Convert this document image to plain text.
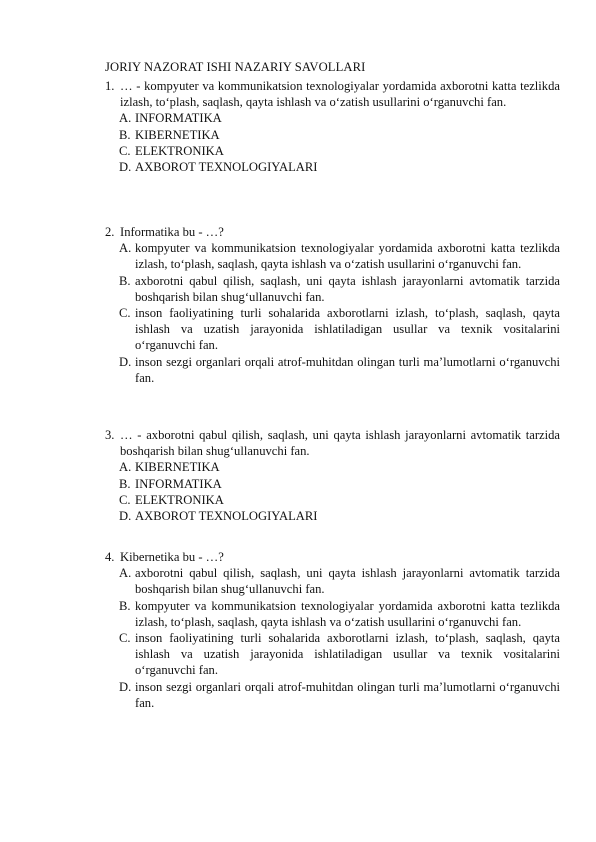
JORIY NAZORAT ISHI NAZARIY SAVOLLARI
1. … - kompyuter va kommunikatsion texnologiyalar yordamida axborotni katta tezlikda izlash, to‘plash, saqlash, qayta ishlash va o‘zatish usullarini o‘rganuvchi fan.
A. INFORMATIKA
B. KIBERNETIKA
C. ELEKTRONIKA
D. AXBOROT TEXNOLOGIYALARI
2. Informatika bu - …?
A. kompyuter va kommunikatsion texnologiyalar yordamida axborotni katta tezlikda izlash, to‘plash, saqlash, qayta ishlash va o‘zatish usullarini o‘rganuvchi fan.
B. axborotni qabul qilish, saqlash, uni qayta ishlash jarayonlarni avtomatik tarzida boshqarish bilan shug‘ullanuvchi fan.
C. inson faoliyatining turli sohalarida axborotlarni izlash, to‘plash, saqlash, qayta ishlash va uzatish jarayonida ishlatiladigan usullar va texnik vositalarini o‘rganuvchi fan.
D. inson sezgi organlari orqali atrof-muhitdan olingan turli ma’lumotlarni o‘rganuvchi fan.
3. … - axborotni qabul qilish, saqlash, uni qayta ishlash jarayonlarni avtomatik tarzida boshqarish bilan shug‘ullanuvchi fan.
A. KIBERNETIKA
B. INFORMATIKA
C. ELEKTRONIKA
D. AXBOROT TEXNOLOGIYALARI
4. Kibernetika bu - …?
A. axborotni qabul qilish, saqlash, uni qayta ishlash jarayonlarni avtomatik tarzida boshqarish bilan shug‘ullanuvchi fan.
B. kompyuter va kommunikatsion texnologiyalar yordamida axborotni katta tezlikda izlash, to‘plash, saqlash, qayta ishlash va o‘zatish usullarini o‘rganuvchi fan.
C. inson faoliyatining turli sohalarida axborotlarni izlash, to‘plash, saqlash, qayta ishlash va uzatish jarayonida ishlatiladigan usullar va texnik vositalarini o‘rganuvchi fan.
D. inson sezgi organlari orqali atrof-muhitdan olingan turli ma’lumotlarni o‘rganuvchi fan.
